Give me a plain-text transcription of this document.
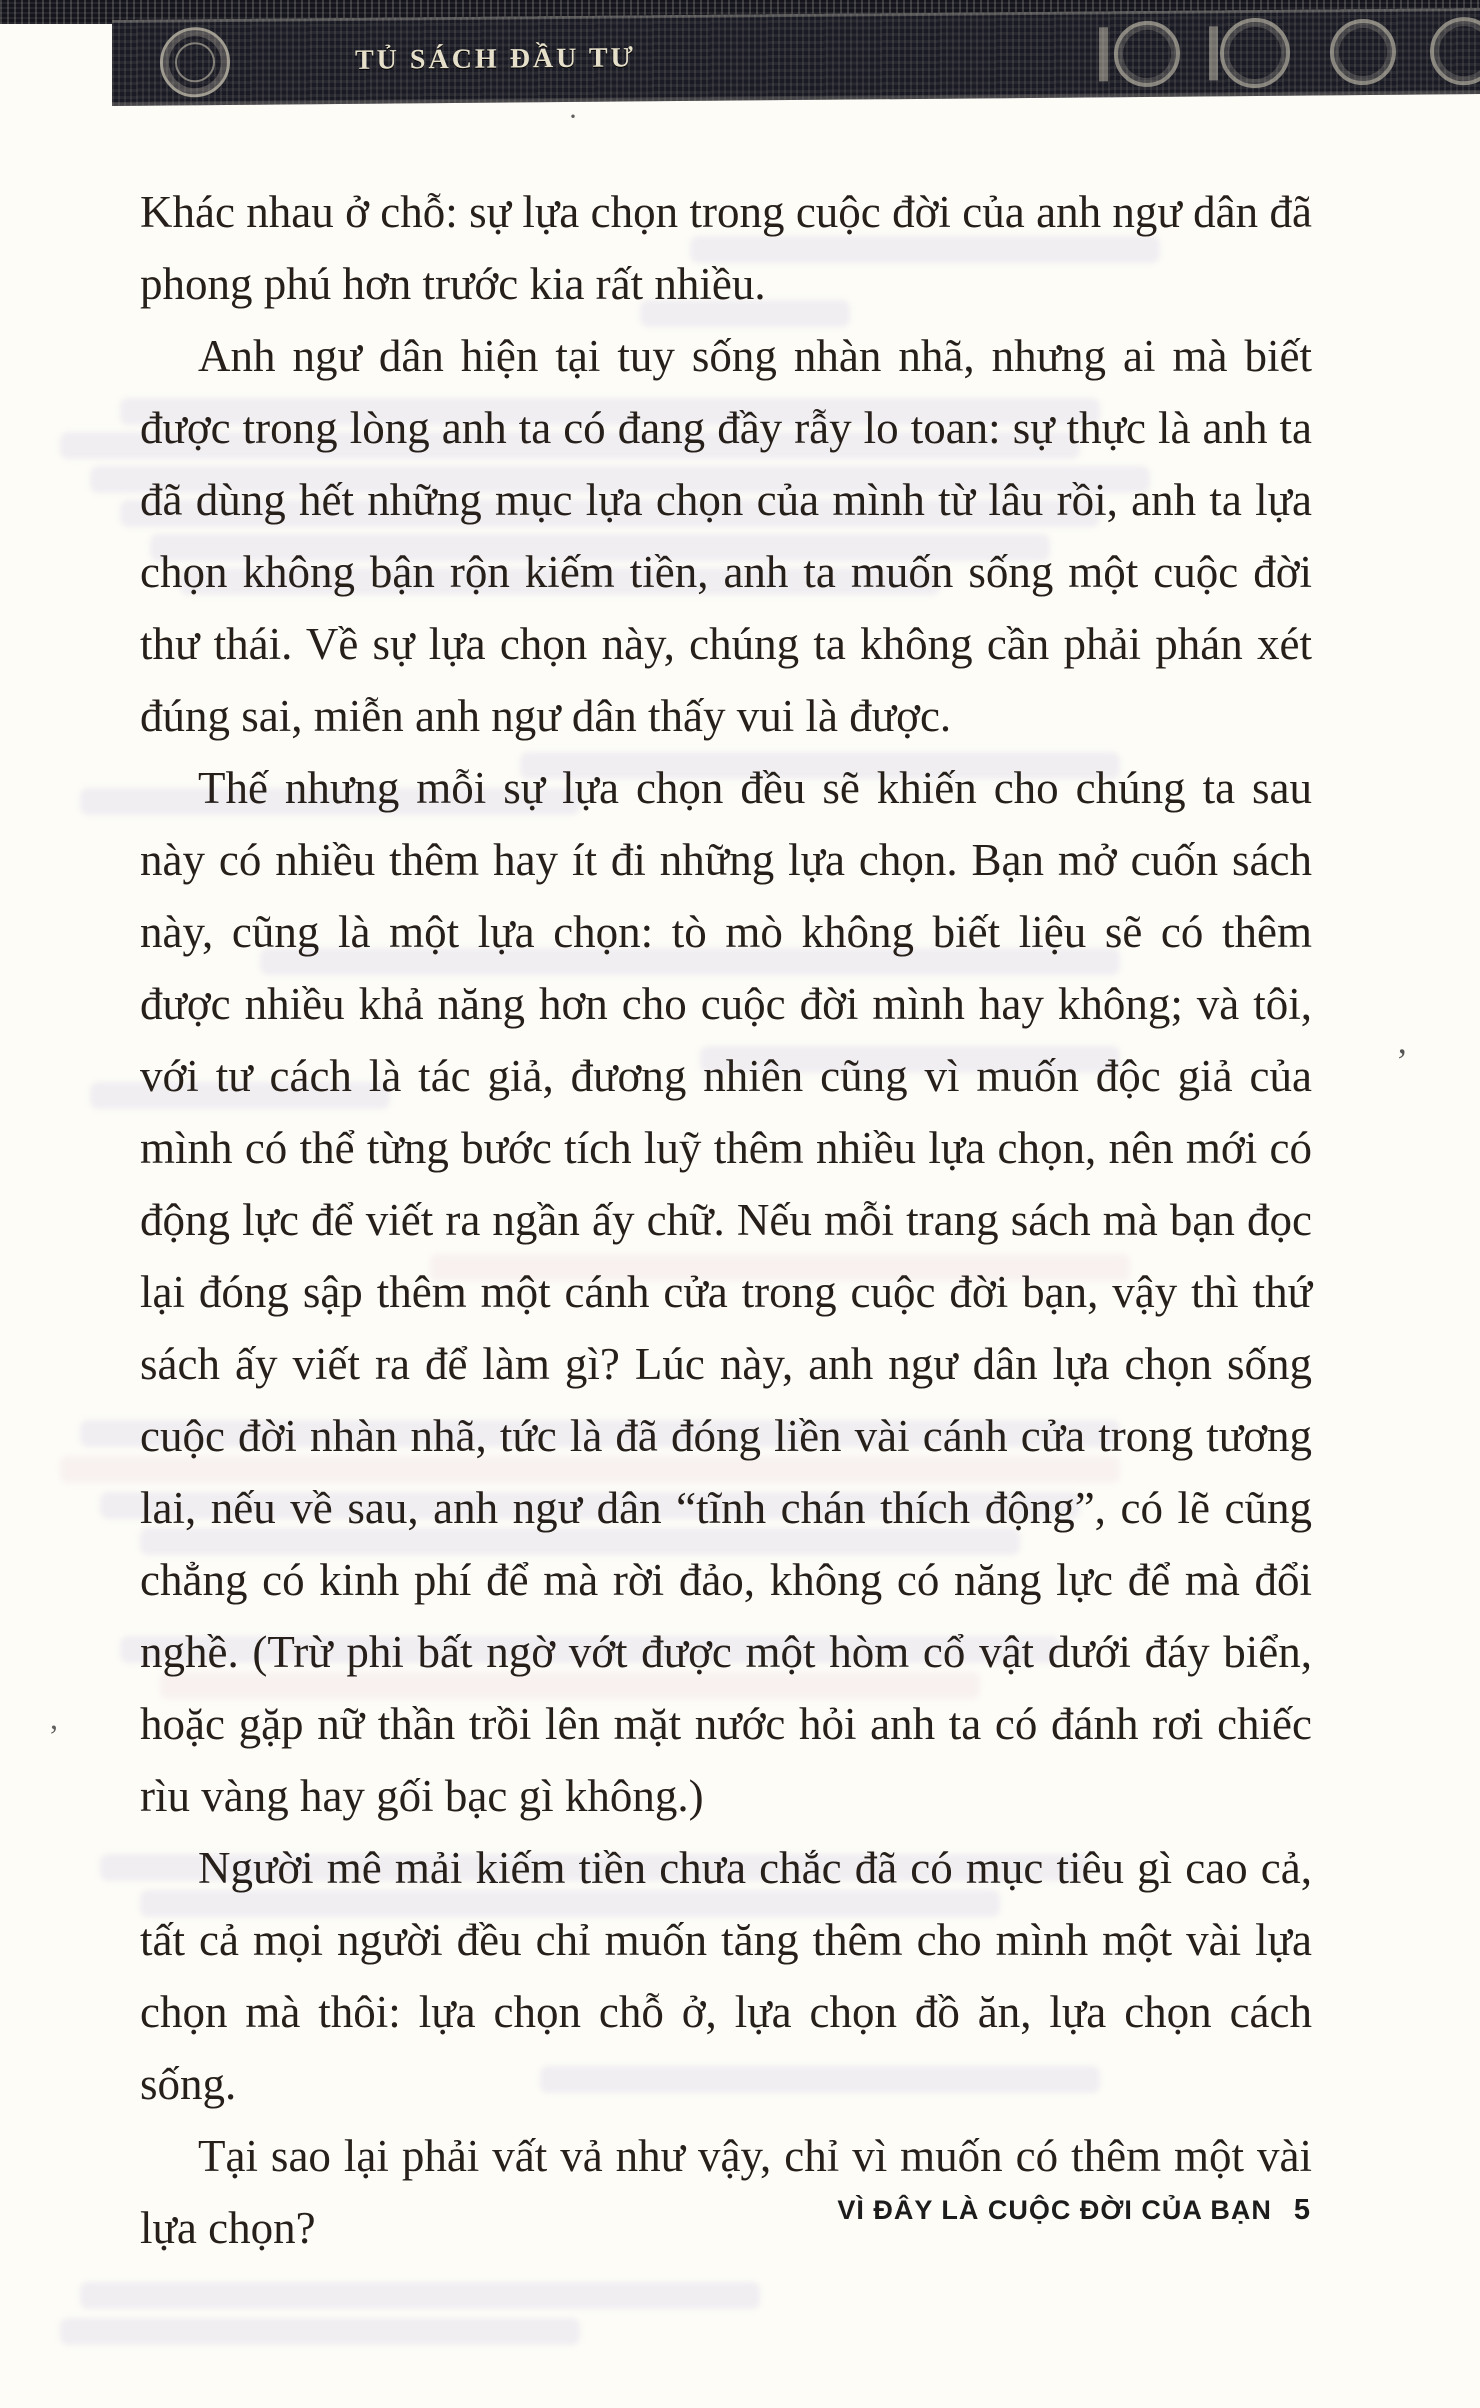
TỦ SÁCH ĐẦU TƯ

Khác nhau ở chỗ: sự lựa chọn trong cuộc đời của anh ngư dân đã phong phú hơn trước kia rất nhiều.

Anh ngư dân hiện tại tuy sống nhàn nhã, nhưng ai mà biết được trong lòng anh ta có đang đầy rẫy lo toan: sự thực là anh ta đã dùng hết những mục lựa chọn của mình từ lâu rồi, anh ta lựa chọn không bận rộn kiếm tiền, anh ta muốn sống một cuộc đời thư thái. Về sự lựa chọn này, chúng ta không cần phải phán xét đúng sai, miễn anh ngư dân thấy vui là được.

Thế nhưng mỗi sự lựa chọn đều sẽ khiến cho chúng ta sau này có nhiều thêm hay ít đi những lựa chọn. Bạn mở cuốn sách này, cũng là một lựa chọn: tò mò không biết liệu sẽ có thêm được nhiều khả năng hơn cho cuộc đời mình hay không; và tôi, với tư cách là tác giả, đương nhiên cũng vì muốn độc giả của mình có thể từng bước tích luỹ thêm nhiều lựa chọn, nên mới có động lực để viết ra ngần ấy chữ. Nếu mỗi trang sách mà bạn đọc lại đóng sập thêm một cánh cửa trong cuộc đời bạn, vậy thì thứ sách ấy viết ra để làm gì? Lúc này, anh ngư dân lựa chọn sống cuộc đời nhàn nhã, tức là đã đóng liền vài cánh cửa trong tương lai, nếu về sau, anh ngư dân “tĩnh chán thích động”, có lẽ cũng chẳng có kinh phí để mà rời đảo, không có năng lực để mà đổi nghề. (Trừ phi bất ngờ vớt được một hòm cổ vật dưới đáy biển, hoặc gặp nữ thần trồi lên mặt nước hỏi anh ta có đánh rơi chiếc rìu vàng hay gối bạc gì không.)

Người mê mải kiếm tiền chưa chắc đã có mục tiêu gì cao cả, tất cả mọi người đều chỉ muốn tăng thêm cho mình một vài lựa chọn mà thôi: lựa chọn chỗ ở, lựa chọn đồ ăn, lựa chọn cách sống.

Tại sao lại phải vất vả như vậy, chỉ vì muốn có thêm một vài lựa chọn?	VÌ ĐÂY LÀ CUỘC ĐỜI CỦA BẠN 5
·
’
,
